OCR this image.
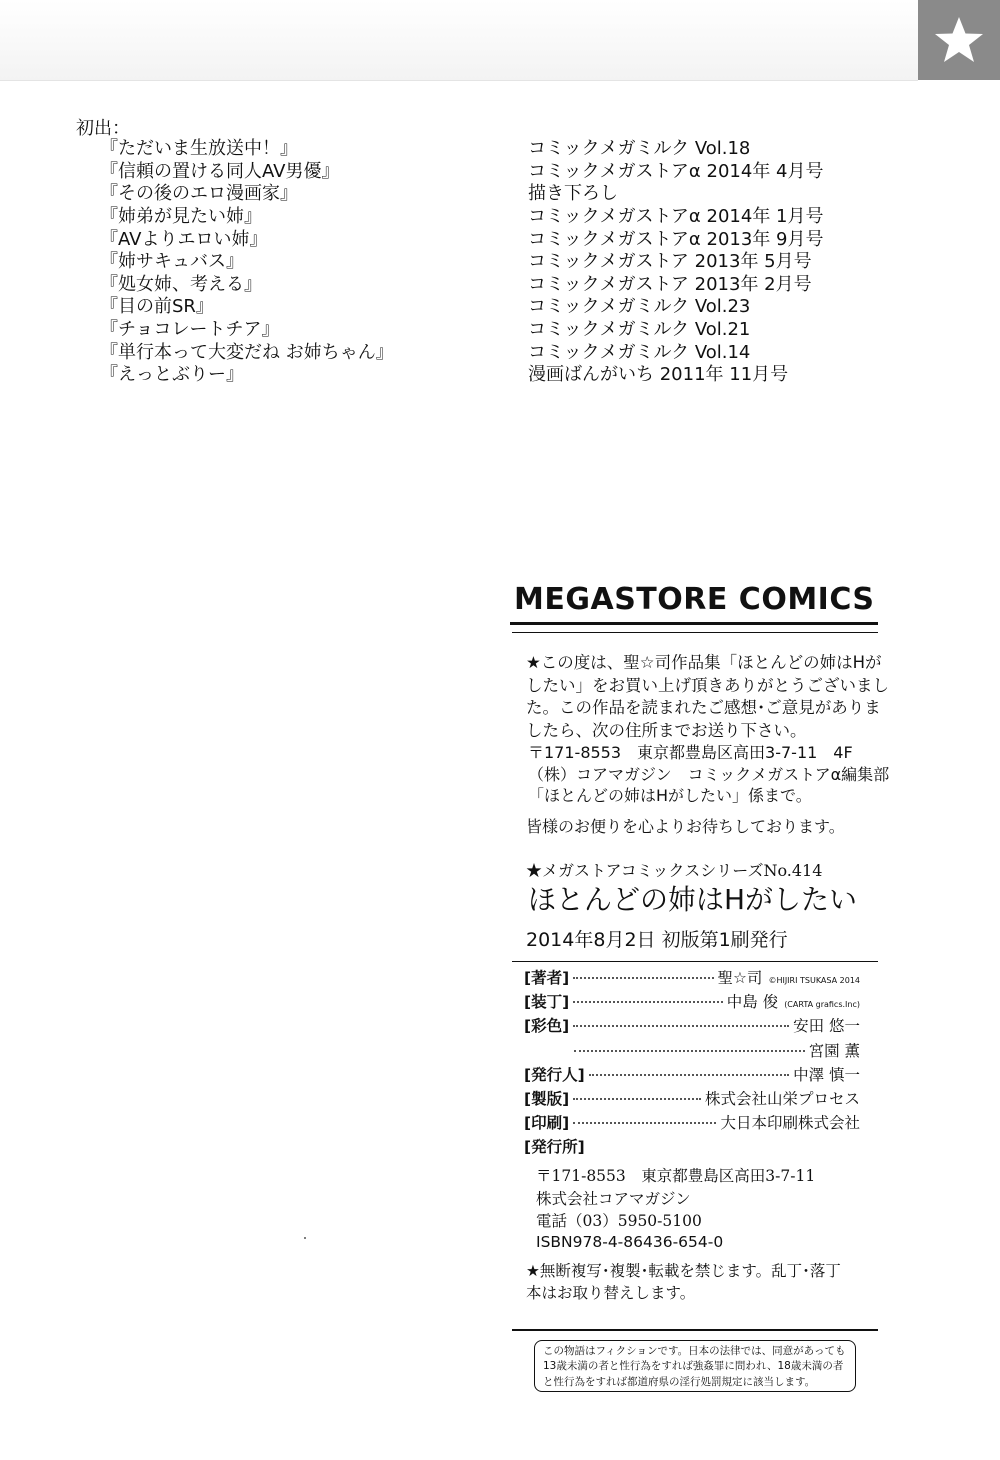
初出：
『ただいま生放送中！』	コミックメガミルク Vol.18
『信頼の置ける同人AV男優』	コミックメガストアα 2014年 4月号
『その後のエロ漫画家』	描き下ろし
『姉弟が見たい姉』	コミックメガストアα 2014年 1月号
『AVよりエロい姉』	コミックメガストアα 2013年 9月号
『姉サキュバス』	コミックメガストア 2013年 5月号
『処女姉、考える』	コミックメガストア 2013年 2月号
『目の前SR』	コミックメガミルク Vol.23
『チョコレートチア』	コミックメガミルク Vol.21
『単行本って大変だね お姉ちゃん』	コミックメガミルク Vol.14
『えっとぶりー』	漫画ばんがいち 2011年 11月号
MEGASTORE COMICS

★この度は、聖☆司作品集「ほとんどの姉はHが

したい」をお買い上げ頂きありがとうございまし

た。この作品を読まれたご感想･ご意見がありま

したら、次の住所までお送り下さい。

〒171-8553　東京都豊島区高田3-7-11　4F

（株）コアマガジン　コミックメガストアα編集部

「ほとんどの姉はHがしたい」係まで。

皆様のお便りを心よりお待ちしております。
★メガストアコミックスシリーズNo.414
ほとんどの姉はHがしたい
2014年8月2日 初版第1刷発行
[著者]	聖☆司 ©HIJIRI TSUKASA 2014
[装丁]	中島 俊 (CARTA grafics.Inc)
[彩色]	安田 悠一
宮園 薫
[発行人]	中澤 慎一
[製版]	株式会社山栄プロセス
[印刷]	大日本印刷株式会社
[発行所]

〒171-8553　東京都豊島区高田3-7-11

株式会社コアマガジン

電話（03）5950-5100

ISBN978-4-86436-654-0

★無断複写･複製･転載を禁じます。乱丁･落丁

本はお取り替えします。

この物語はフィクションです。日本の法律では、同意があっても

13歳未満の者と性行為をすれば強姦罪に問われ、18歳未満の者

と性行為をすれば都道府県の淫行処罰規定に該当します。
